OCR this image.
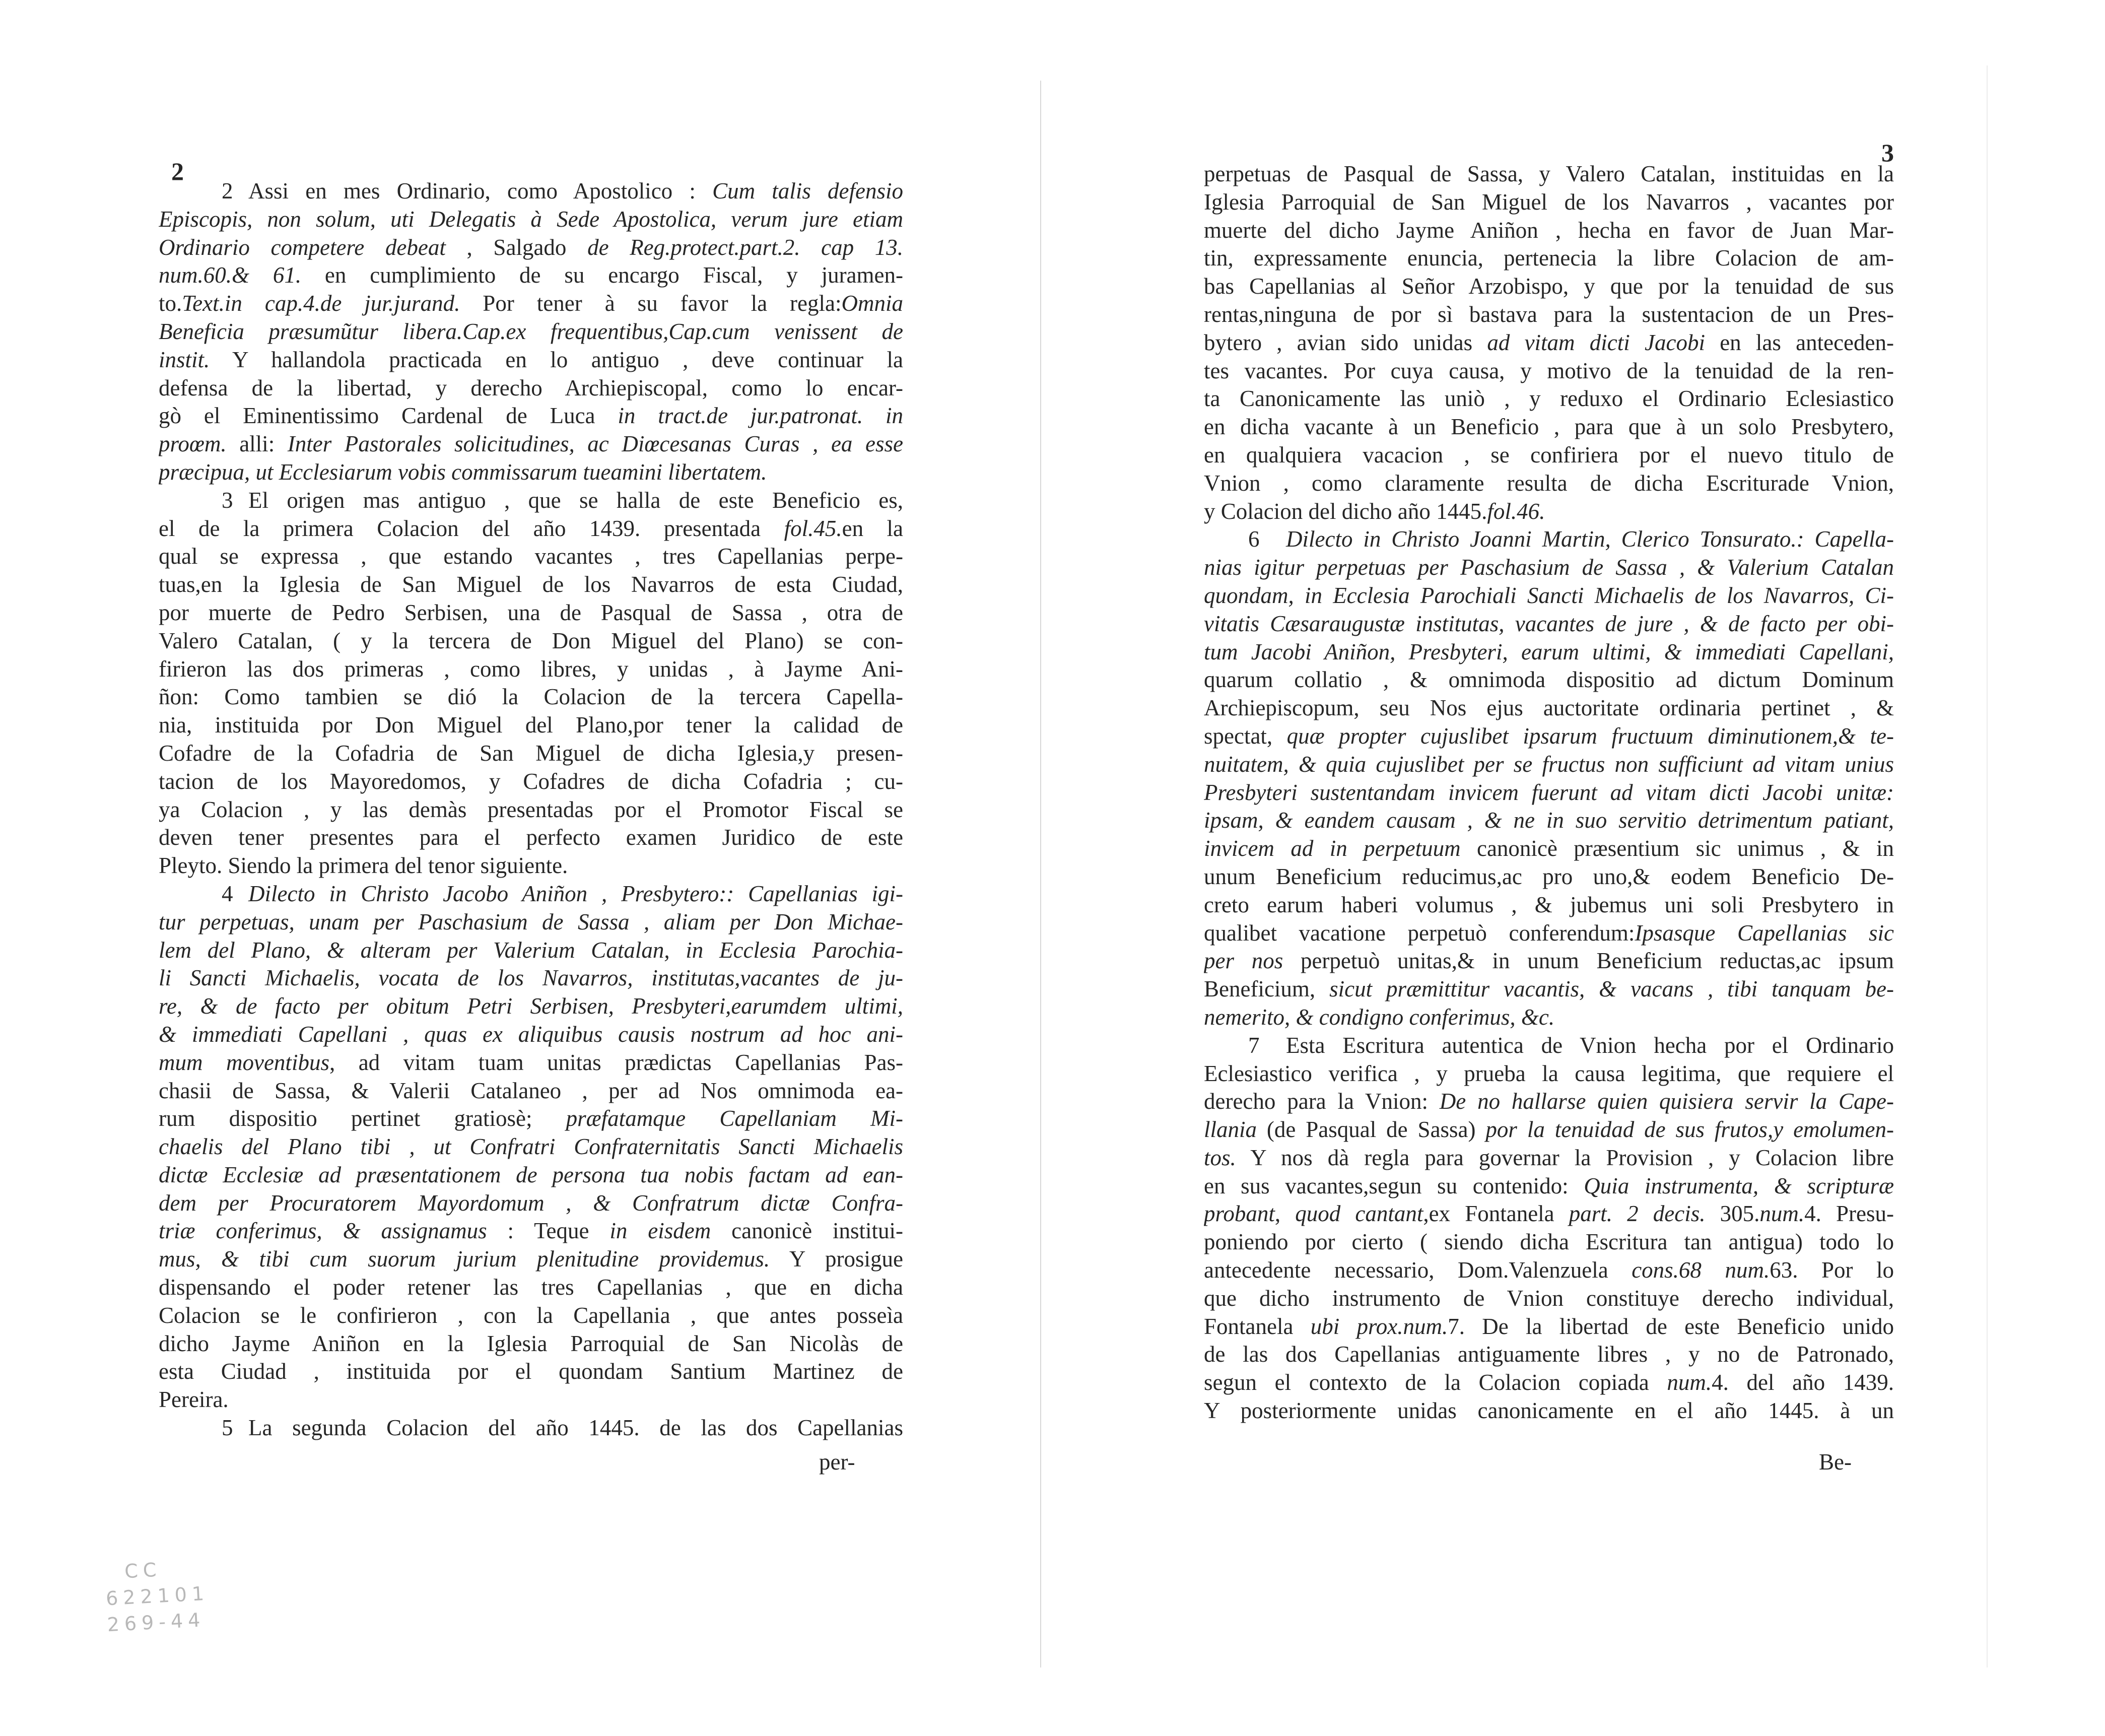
2
2 Assi en mes Ordinario, como Apostolico : Cum talis defensio
Episcopis, non solum, uti Delegatis à Sede Apostolica, verum jure etiam
Ordinario competere debeat , Salgado de Reg.protect.part.2. cap 13.
num.60.& 61. en cumplimiento de su encargo Fiscal, y juramen-
to.Text.in cap.4.de jur.jurand. Por tener à su favor la regla:Omnia
Beneficia præsumũtur libera.Cap.ex frequentibus,Cap.cum venissent de
instit. Y hallandola practicada en lo antiguo , deve continuar la
defensa de la libertad, y derecho Archiepiscopal, como lo encar-
gò el Eminentissimo Cardenal de Luca in tract.de jur.patronat. in
proœm. alli: Inter Pastorales solicitudines, ac Diœcesanas Curas , ea esse
præcipua, ut Ecclesiarum vobis commissarum tueamini libertatem.
3 El origen mas antiguo , que se halla de este Beneficio es,
el de la primera Colacion del año 1439. presentada fol.45.en la
qual se expressa , que estando vacantes , tres Capellanias perpe-
tuas,en la Iglesia de San Miguel de los Navarros de esta Ciudad,
por muerte de Pedro Serbisen, una de Pasqual de Sassa , otra de
Valero Catalan, ( y la tercera de Don Miguel del Plano) se con-
firieron las dos primeras , como libres, y unidas , à Jayme Ani-
ñon: Como tambien se dió la Colacion de la tercera Capella-
nia, instituida por Don Miguel del Plano,por tener la calidad de
Cofadre de la Cofadria de San Miguel de dicha Iglesia,y presen-
tacion de los Mayoredomos, y Cofadres de dicha Cofadria ; cu-
ya Colacion , y las demàs presentadas por el Promotor Fiscal se
deven tener presentes para el perfecto examen Juridico de este
Pleyto. Siendo la primera del tenor siguiente.
4 Dilecto in Christo Jacobo Aniñon , Presbytero:: Capellanias igi-
tur perpetuas, unam per Paschasium de Sassa , aliam per Don Michae-
lem del Plano, & alteram per Valerium Catalan, in Ecclesia Parochia-
li Sancti Michaelis, vocata de los Navarros, institutas,vacantes de ju-
re, & de facto per obitum Petri Serbisen, Presbyteri,earumdem ultimi,
& immediati Capellani , quas ex aliquibus causis nostrum ad hoc ani-
mum moventibus, ad vitam tuam unitas prædictas Capellanias Pas-
chasii de Sassa, & Valerii Catalaneo , per ad Nos omnimoda ea-
rum dispositio pertinet gratiosè; præfatamque Capellaniam Mi-
chaelis del Plano tibi , ut Confratri Confraternitatis Sancti Michaelis
dictæ Ecclesiæ ad præsentationem de persona tua nobis factam ad ean-
dem per Procuratorem Mayordomum , & Confratrum dictæ Confra-
triæ conferimus, & assignamus : Teque in eisdem canonicè institui-
mus, & tibi cum suorum jurium plenitudine providemus. Y prosigue
dispensando el poder retener las tres Capellanias , que en dicha
Colacion se le confirieron , con la Capellania , que antes posseìa
dicho Jayme Aniñon en la Iglesia Parroquial de San Nicolàs de
esta Ciudad , instituida por el quondam Santium Martinez de
Pereira.
5 La segunda Colacion del año 1445. de las dos Capellanias
per-
CC
622101
269-44
3
perpetuas de Pasqual de Sassa, y Valero Catalan, instituidas en la
Iglesia Parroquial de San Miguel de los Navarros , vacantes por
muerte del dicho Jayme Aniñon , hecha en favor de Juan Mar-
tin, expressamente enuncia, pertenecia la libre Colacion de am-
bas Capellanias al Señor Arzobispo, y que por la tenuidad de sus
rentas,ninguna de por sì bastava para la sustentacion de un Pres-
bytero , avian sido unidas ad vitam dicti Jacobi en las anteceden-
tes vacantes. Por cuya causa, y motivo de la tenuidad de la ren-
ta Canonicamente las uniò , y reduxo el Ordinario Eclesiastico
en dicha vacante à un Beneficio , para que à un solo Presbytero,
en qualquiera vacacion , se confiriera por el nuevo titulo de
Vnion , como claramente resulta de dicha Escriturade Vnion,
y Colacion del dicho año 1445.fol.46.
6 Dilecto in Christo Joanni Martin, Clerico Tonsurato.: Capella-
nias igitur perpetuas per Paschasium de Sassa , & Valerium Catalan
quondam, in Ecclesia Parochiali Sancti Michaelis de los Navarros, Ci-
vitatis Cæsaraugustæ institutas, vacantes de jure , & de facto per obi-
tum Jacobi Aniñon, Presbyteri, earum ultimi, & immediati Capellani,
quarum collatio , & omnimoda dispositio ad dictum Dominum
Archiepiscopum, seu Nos ejus auctoritate ordinaria pertinet , &
spectat, quæ propter cujuslibet ipsarum fructuum diminutionem,& te-
nuitatem, & quia cujuslibet per se fructus non sufficiunt ad vitam unius
Presbyteri sustentandam invicem fuerunt ad vitam dicti Jacobi unitæ:
ipsam, & eandem causam , & ne in suo servitio detrimentum patiant,
invicem ad in perpetuum canonicè præsentium sic unimus , & in
unum Beneficium reducimus,ac pro uno,& eodem Beneficio De-
creto earum haberi volumus , & jubemus uni soli Presbytero in
qualibet vacatione perpetuò conferendum:Ipsasque Capellanias sic
per nos perpetuò unitas,& in unum Beneficium reductas,ac ipsum
Beneficium, sicut præmittitur vacantis, & vacans , tibi tanquam be-
nemerito, & condigno conferimus, &c.
7 Esta Escritura autentica de Vnion hecha por el Ordinario
Eclesiastico verifica , y prueba la causa legitima, que requiere el
derecho para la Vnion: De no hallarse quien quisiera servir la Cape-
llania (de Pasqual de Sassa) por la tenuidad de sus frutos,y emolumen-
tos. Y nos dà regla para governar la Provision , y Colacion libre
en sus vacantes,segun su contenido: Quia instrumenta, & scripturæ
probant, quod cantant,ex Fontanela part. 2 decis. 305.num.4. Presu-
poniendo por cierto ( siendo dicha Escritura tan antigua) todo lo
antecedente necessario, Dom.Valenzuela cons.68 num.63. Por lo
que dicho instrumento de Vnion constituye derecho individual,
Fontanela ubi prox.num.7. De la libertad de este Beneficio unido
de las dos Capellanias antiguamente libres , y no de Patronado,
segun el contexto de la Colacion copiada num.4. del año 1439.
Y posteriormente unidas canonicamente en el año 1445. à un
Be-
